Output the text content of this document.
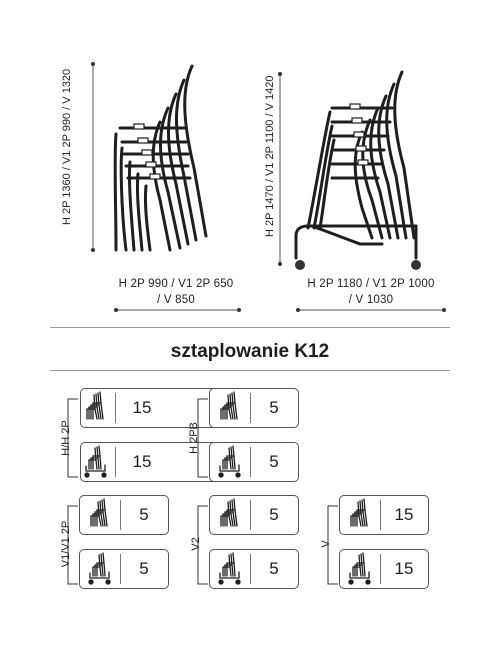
H 2P 1360 / V1 2P 990 / V 1320
H 2P 990 / V1 2P 650
/ V 850
H 2P 1470 / V1 2P 1100 / V 1420
H 2P 1180 / V1 2P 1000
/ V 1030
sztaplowanie K12
H/H 2P
15
15
H 2PB
5
5
V1/V1 2P
5
5
V2
5
5
V
15
15
